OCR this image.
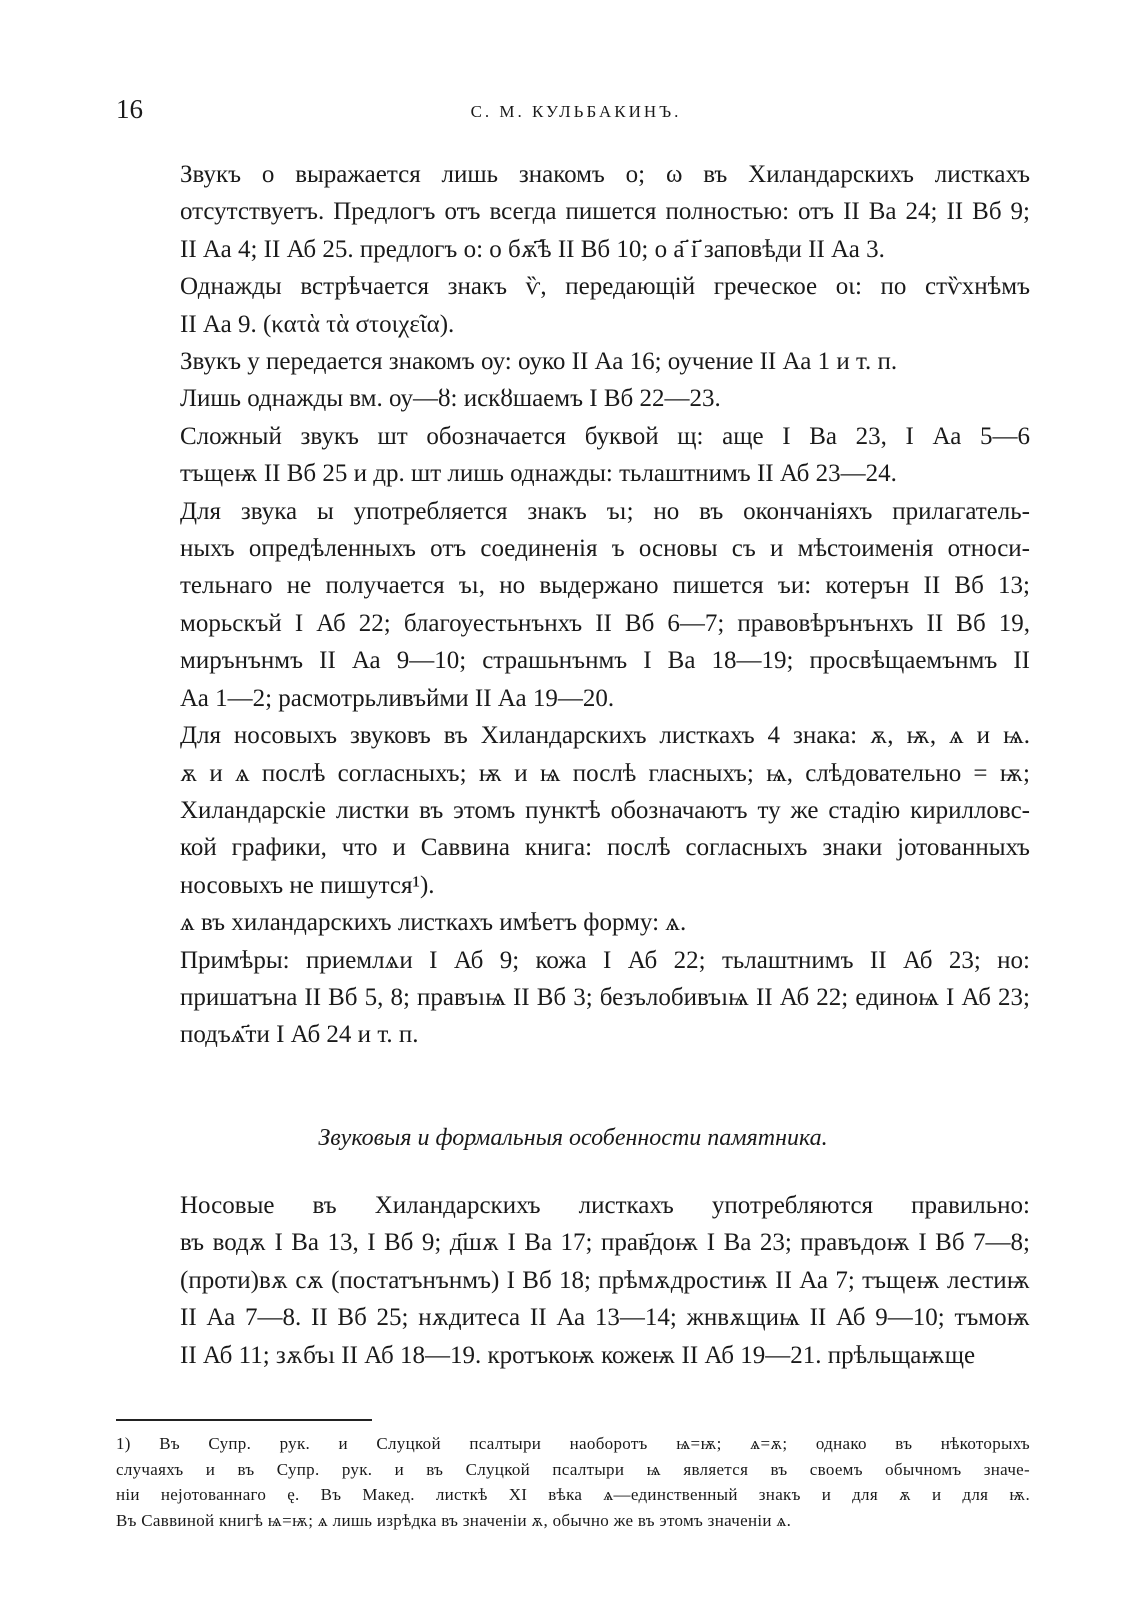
16	С. М. КУЛЬБАКИНЪ.
Звукъ о выражается лишь знакомъ о; ω въ Хиландарскихъ листкахъ
отсутствуетъ. Предлогъ отъ всегда пишется полностью: отъ II Ва 24; II Вб 9;
II Аа 4; II Аб 25. предлогъ о: о бѫ҃ѣ II Вб 10; о а҃ і҃ заповѣди II Аа 3.
Однажды встрѣчается знакъ ѷ, передающій греческое οι: по стѷхнѣмъ
II Аа 9. (κατὰ τὰ στοιχεῖα).
Звукъ у передается знакомъ оу: оуко II Аа 16; оучение II Аа 1 и т. п.
Лишь однажды вм. оу—ȣ: искȣшаемъ I Вб 22—23.
Сложный звукъ шт обозначается буквой щ: аще I Ва 23, I Аа 5—6
тъщеѭ II Вб 25 и др. шт лишь однажды: тьлаштнимъ II Аб 23—24.
Для звука ы употребляется знакъ ъı; но въ окончаніяхъ прилагатель-
ныхъ опредѣленныхъ отъ соединенія ъ основы съ и мѣстоименія относи-
тельнаго не получается ъı, но выдержано пишется ъи: котерън II Вб 13;
морьскъй I Аб 22; благоуестьнънхъ II Вб 6—7; правовѣрънънхъ II Вб 19,
мирънънмъ II Аа 9—10; страшьнънмъ I Ва 18—19; просвѣщаемънмъ II
Аа 1—2; расмотрьливъйми II Аа 19—20.
Для носовыхъ звуковъ въ Хиландарскихъ листкахъ 4 знака: ѫ, ѭ, ѧ и ѩ.
ѫ и ѧ послѣ согласныхъ; ѭ и ѩ послѣ гласныхъ; ѩ, слѣдовательно = ѭ;
Хиландарскіе листки въ этомъ пунктѣ обозначаютъ ту же стадію кирилловс-
кой графики, что и Саввина книга: послѣ согласныхъ знаки јотованныхъ
носовыхъ не пишутся¹).
ѧ въ хиландарскихъ листкахъ имѣетъ форму: ѧ.
Примѣры: приемлѧи I Аб 9; кожа I Аб 22; тьлаштнимъ II Аб 23; но:
пришатъна II Вб 5, 8; правъıѩ II Вб 3; безълобивъıѩ II Аб 22; единоѩ I Аб 23;
подъѧ҃ти I Аб 24 и т. п.
Звуковыя и формальныя особенности памятника.
Носовые въ Хиландарскихъ листкахъ употребляются правильно:
въ водѫ I Ва 13, I Вб 9; д҃шѫ I Ва 17; прав҃доѭ I Ва 23; правъдоѭ I Вб 7—8;
(проти)вѫ сѫ (постатънънмъ) I Вб 18; прѣмѫдростиѭ II Аа 7; тъщеѭ лестиѭ
II Аа 7—8. II Вб 25; нѫдитеса II Аа 13—14; жнвѫщиѩ II Аб 9—10; тъмоѭ
II Аб 11; зѫбъı II Аб 18—19. кротъкоѭ кожеѭ II Аб 19—21. прѣльщаѭще
1) Въ Супр. рук. и Слуцкой псалтыри наоборотъ ѩ=ѭ; ѧ=ѫ; однако въ нѣкоторыхъ
случаяхъ и въ Супр. рук. и въ Слуцкой псалтыри ѩ является въ своемъ обычномъ значе-
ніи нејотованнаго ę. Въ Макед. листкѣ XI вѣка ѧ—единственный знакъ и для ѫ и для ѭ.
Въ Саввиной книгѣ ѩ=ѭ; ѧ лишь изрѣдка въ значеніи ѫ, обычно же въ этомъ значеніи ѧ.
